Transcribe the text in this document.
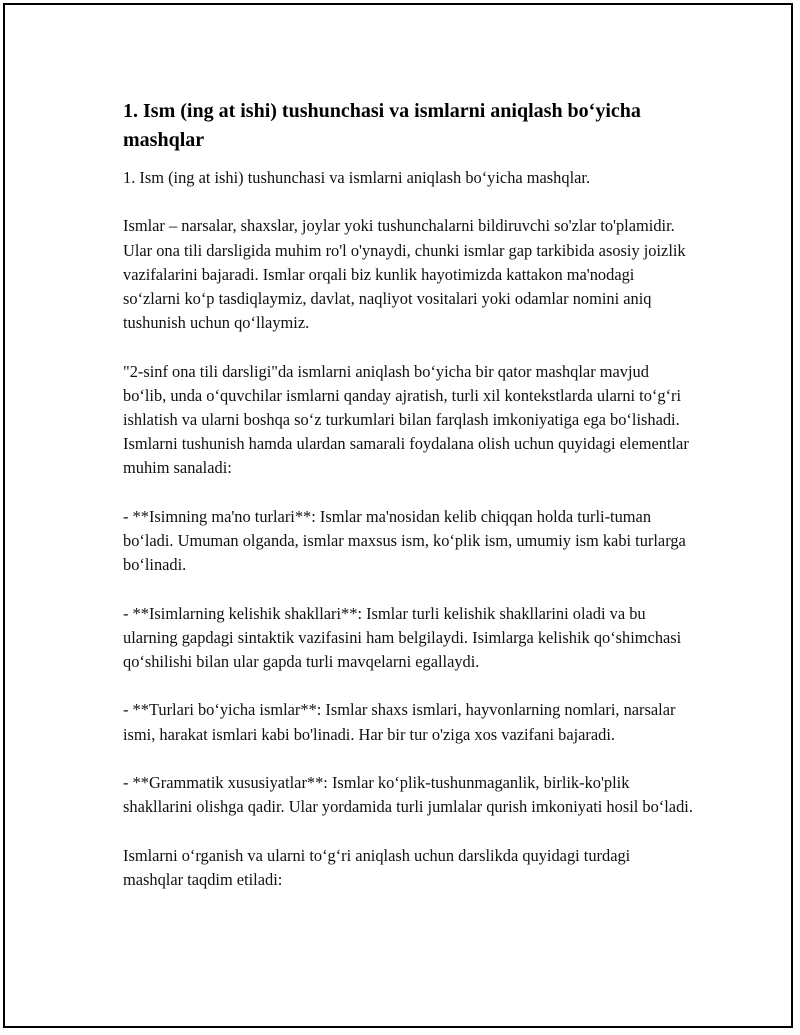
1. Ism (ing at ishi) tushunchasi va ismlarni aniqlash bo‘yicha mashqlar

1. Ism (ing at ishi) tushunchasi va ismlarni aniqlash bo‘yicha mashqlar.

Ismlar – narsalar, shaxslar, joylar yoki tushunchalarni bildiruvchi so'zlar to'plamidir. Ular ona tili darsligida muhim ro'l o'ynaydi, chunki ismlar gap tarkibida asosiy joizlik vazifalarini bajaradi. Ismlar orqali biz kunlik hayotimizda kattakon ma'nodagi so‘zlarni ko‘p tasdiqlaymiz, davlat, naqliyot vositalari yoki odamlar nomini aniq tushunish uchun qo‘llaymiz.

"2-sinf ona tili darsligi"da ismlarni aniqlash bo‘yicha bir qator mashqlar mavjud bo‘lib, unda o‘quvchilar ismlarni qanday ajratish, turli xil kontekstlarda ularni to‘g‘ri ishlatish va ularni boshqa so‘z turkumlari bilan farqlash imkoniyatiga ega bo‘lishadi. Ismlarni tushunish hamda ulardan samarali foydalana olish uchun quyidagi elementlar muhim sanaladi:

- **Isimning ma'no turlari**: Ismlar ma'nosidan kelib chiqqan holda turli-tuman bo‘ladi. Umuman olganda, ismlar maxsus ism, ko‘plik ism, umumiy ism kabi turlarga bo‘linadi.

- **Isimlarning kelishik shakllari**: Ismlar turli kelishik shakllarini oladi va bu ularning gapdagi sintaktik vazifasini ham belgilaydi. Isimlarga kelishik qo‘shimchasi qo‘shilishi bilan ular gapda turli mavqelarni egallaydi.

- **Turlari bo‘yicha ismlar**: Ismlar shaxs ismlari, hayvonlarning nomlari, narsalar ismi, harakat ismlari kabi bo'linadi. Har bir tur o'ziga xos vazifani bajaradi.

- **Grammatik xususiyatlar**: Ismlar ko‘plik-tushunmaganlik, birlik-ko'plik shakllarini olishga qadir. Ular yordamida turli jumlalar qurish imkoniyati hosil bo‘ladi.

Ismlarni o‘rganish va ularni to‘g‘ri aniqlash uchun darslikda quyidagi turdagi mashqlar taqdim etiladi:
